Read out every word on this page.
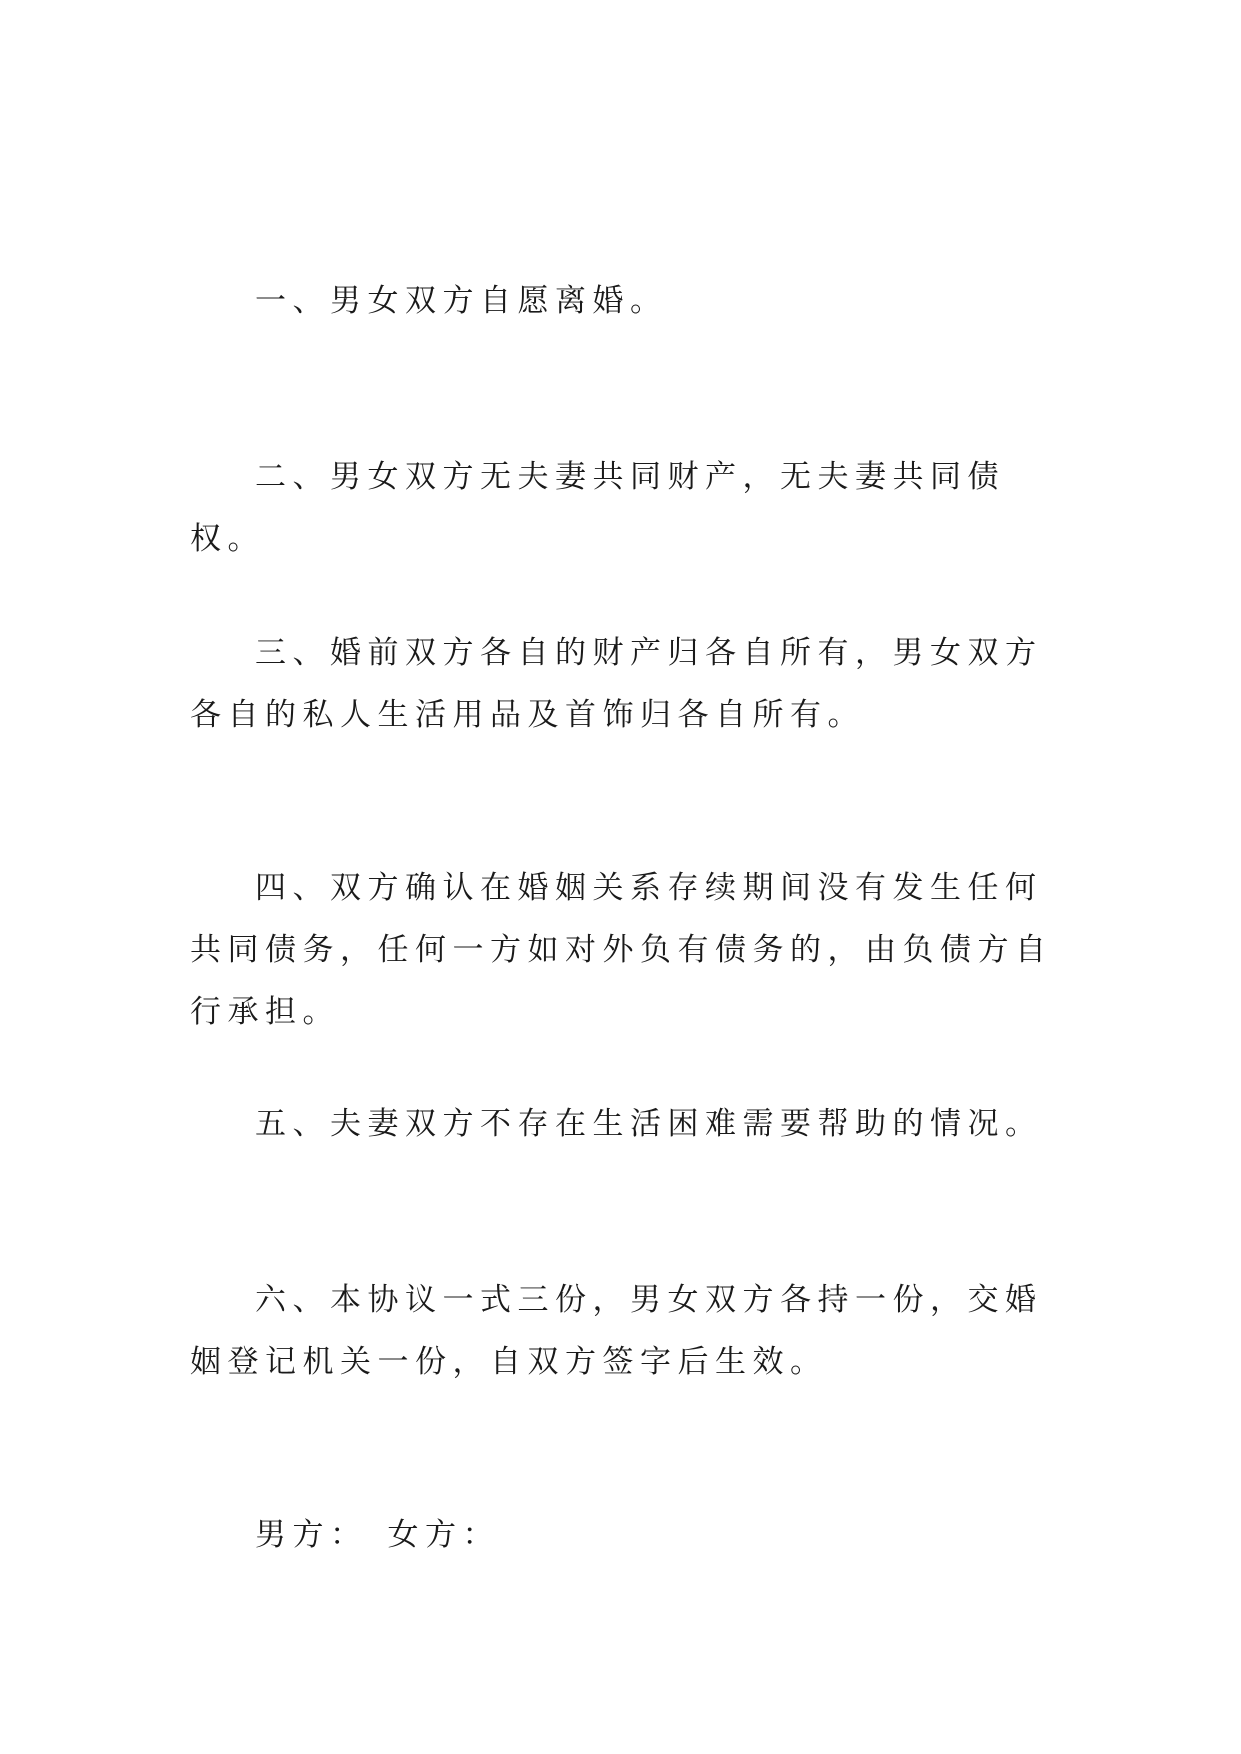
一、男女双方自愿离婚。

二、男女双方无夫妻共同财产，无夫妻共同债权。

三、婚前双方各自的财产归各自所有，男女双方各自的私人生活用品及首饰归各自所有。

四、双方确认在婚姻关系存续期间没有发生任何共同债务，任何一方如对外负有债务的，由负债方自行承担。

五、夫妻双方不存在生活困难需要帮助的情况。

六、本协议一式三份，男女双方各持一份，交婚姻登记机关一份，自双方签字后生效。

男方： 女方：
